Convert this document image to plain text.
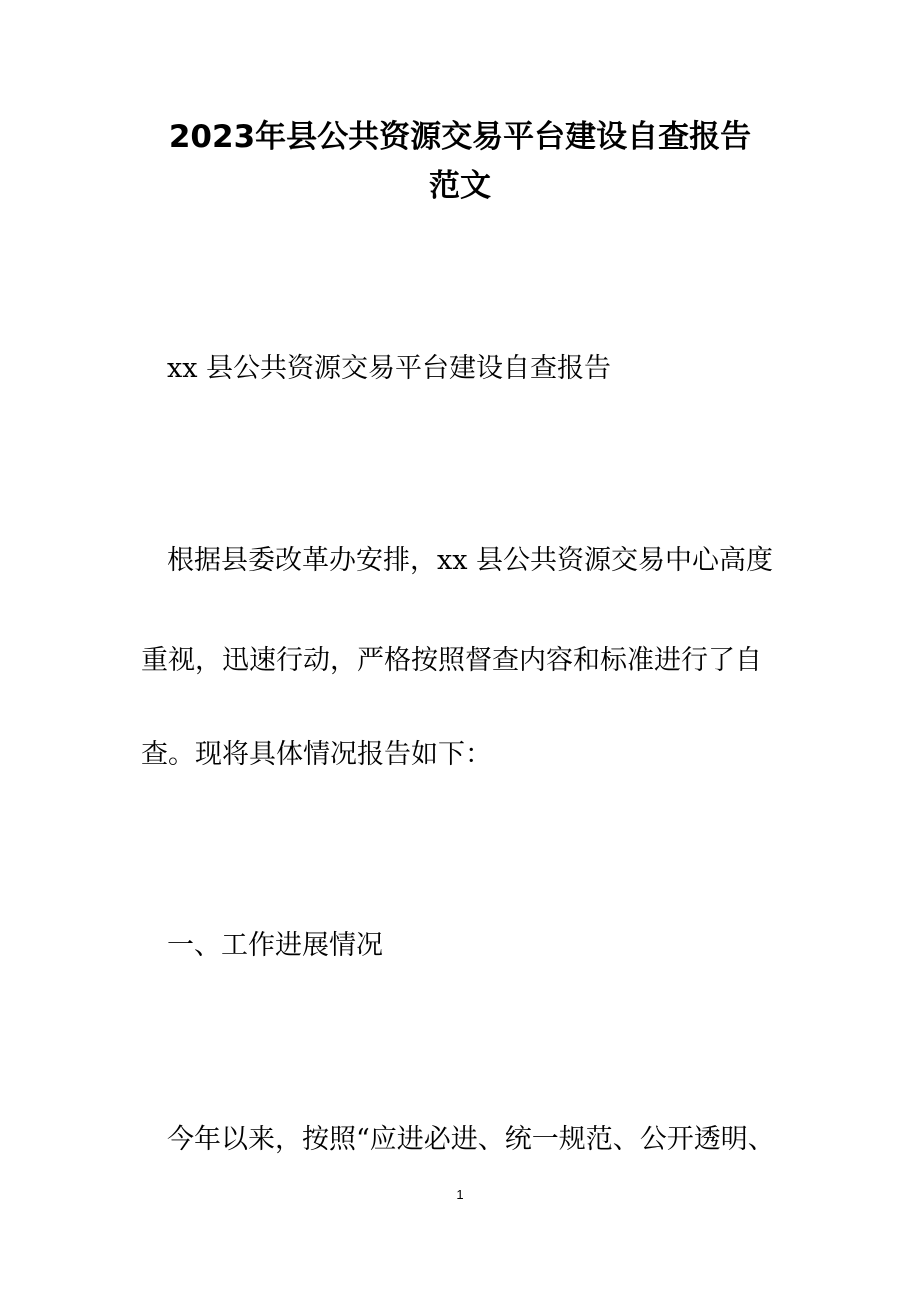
2023年县公共资源交易平台建设自查报告
范文

xx 县公共资源交易平台建设自查报告

根据县委改革办安排，xx 县公共资源交易中心高度

重视，迅速行动，严格按照督查内容和标准进行了自

查。现将具体情况报告如下：

一、工作进展情况

今年以来，按照“应进必进、统一规范、公开透明、

1
